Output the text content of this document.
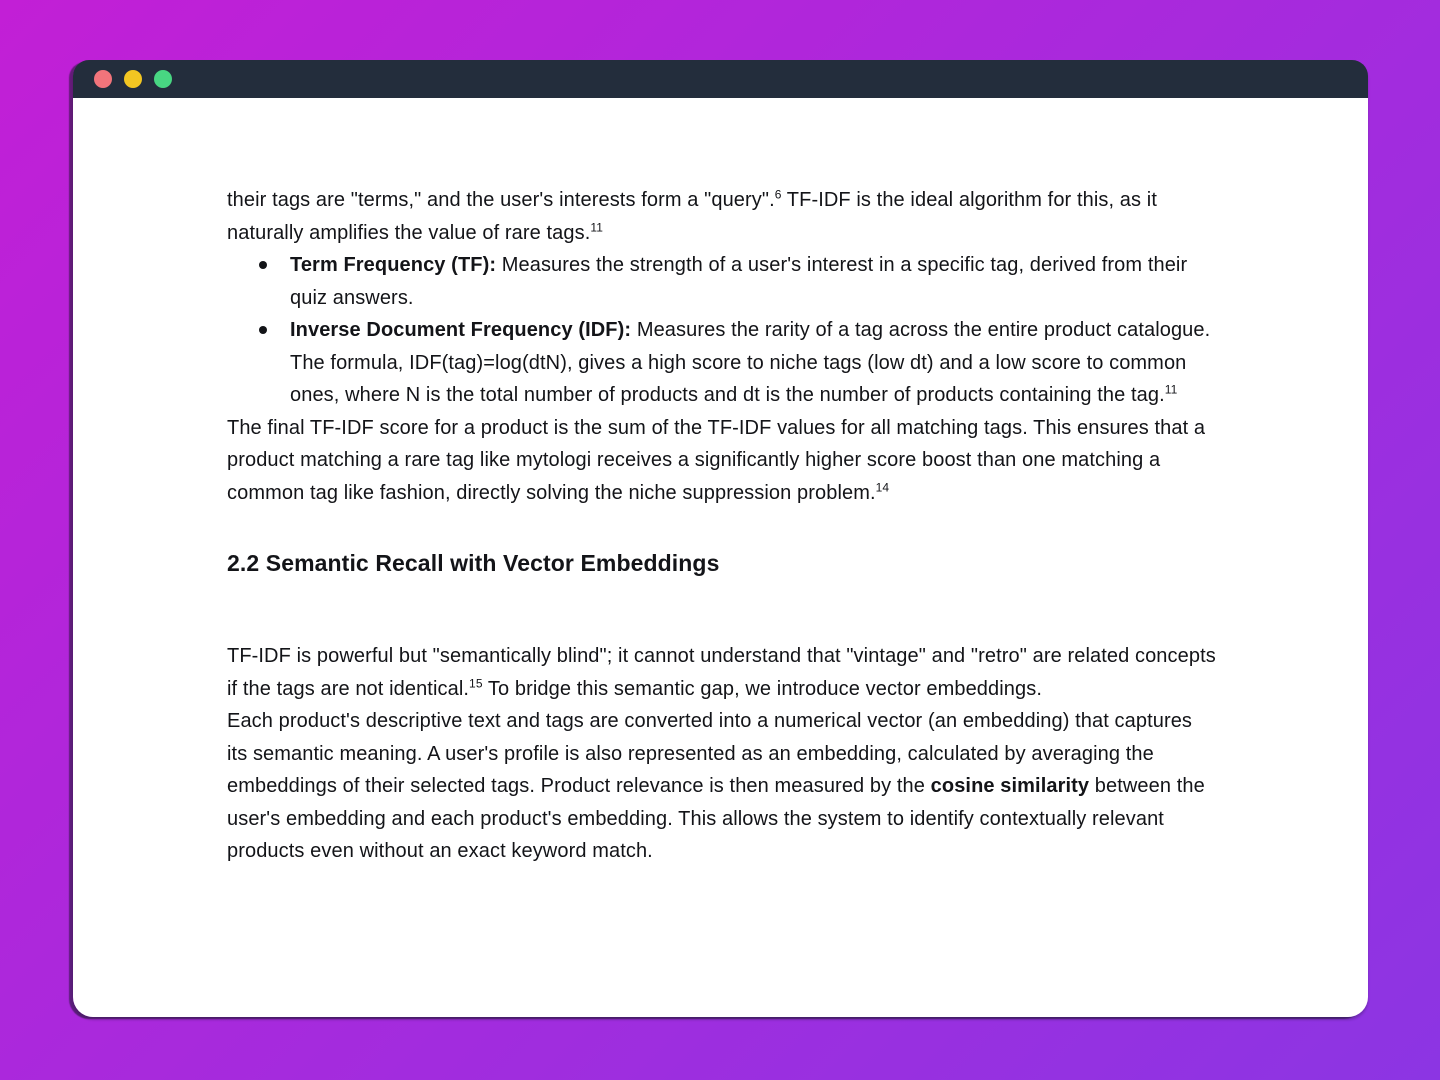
their tags are "terms," and the user's interests form a "query".$^6$ TF-IDF is the ideal algorithm for this, as it naturally amplifies the value of rare tags.$^{11}$

Term Frequency (TF): Measures the strength of a user's interest in a specific tag, derived from their quiz answers.
Inverse Document Frequency (IDF): Measures the rarity of a tag across the entire product catalogue. The formula, IDF(tag)=log(dtN), gives a high score to niche tags (low dt) and a low score to common ones, where N is the total number of products and dt is the number of products containing the tag.$^{11}$

The final TF-IDF score for a product is the sum of the TF-IDF values for all matching tags. This ensures that a product matching a rare tag like mytologi receives a significantly higher score boost than one matching a common tag like fashion, directly solving the niche suppression problem.$^{14}$

2.2 Semantic Recall with Vector Embeddings

TF-IDF is powerful but "semantically blind"; it cannot understand that "vintage" and "retro" are related concepts if the tags are not identical.$^{15}$ To bridge this semantic gap, we introduce vector embeddings.

Each product's descriptive text and tags are converted into a numerical vector (an embedding) that captures its semantic meaning. A user's profile is also represented as an embedding, calculated by averaging the embeddings of their selected tags. Product relevance is then measured by the cosine similarity between the user's embedding and each product's embedding. This allows the system to identify contextually relevant products even without an exact keyword match.
